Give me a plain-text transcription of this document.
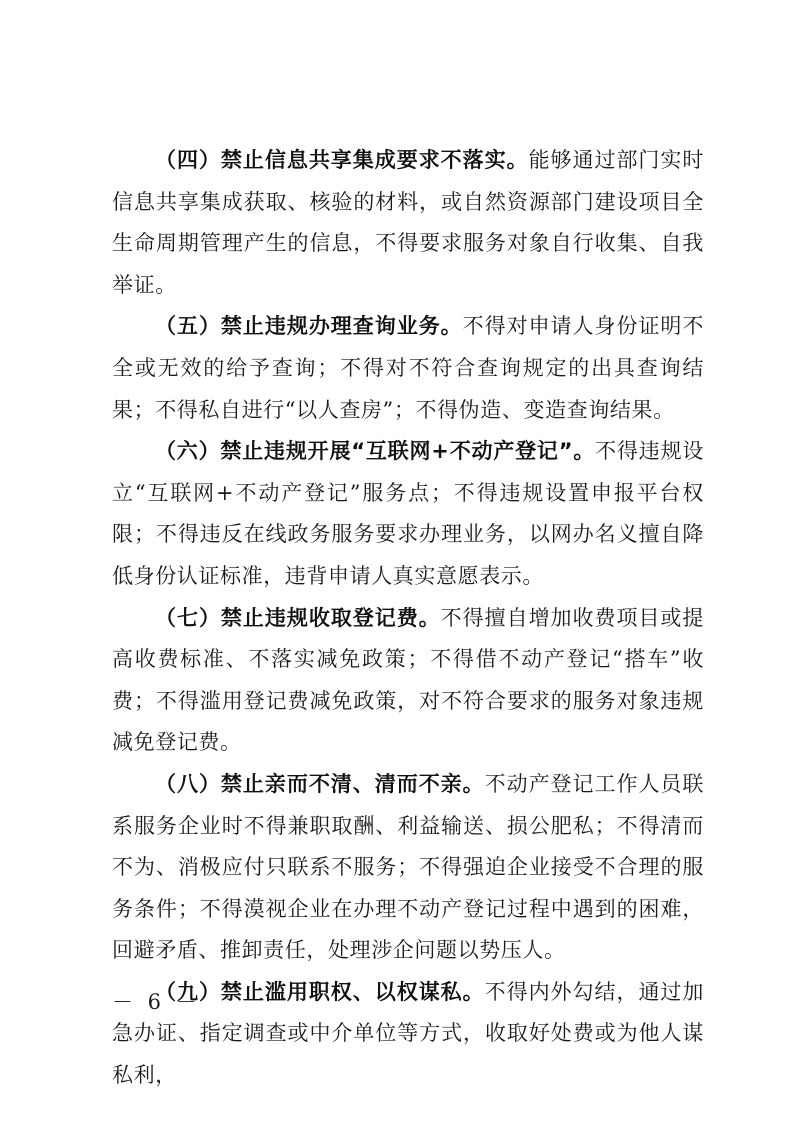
（四）禁止信息共享集成要求不落实。能够通过部门实时信息共享集成获取、核验的材料，或自然资源部门建设项目全生命周期管理产生的信息，不得要求服务对象自行收集、自我举证。

（五）禁止违规办理查询业务。不得对申请人身份证明不全或无效的给予查询；不得对不符合查询规定的出具查询结果；不得私自进行“以人查房”；不得伪造、变造查询结果。

（六）禁止违规开展“互联网+不动产登记”。不得违规设立“互联网+不动产登记”服务点；不得违规设置申报平台权限；不得违反在线政务服务要求办理业务，以网办名义擅自降低身份认证标准，违背申请人真实意愿表示。

（七）禁止违规收取登记费。不得擅自增加收费项目或提高收费标准、不落实减免政策；不得借不动产登记“搭车”收费；不得滥用登记费减免政策，对不符合要求的服务对象违规减免登记费。

（八）禁止亲而不清、清而不亲。不动产登记工作人员联系服务企业时不得兼职取酬、利益输送、损公肥私；不得清而不为、消极应付只联系不服务；不得强迫企业接受不合理的服务条件；不得漠视企业在办理不动产登记过程中遇到的困难，回避矛盾、推卸责任，处理涉企问题以势压人。

（九）禁止滥用职权、以权谋私。不得内外勾结，通过加急办证、指定调查或中介单位等方式，收取好处费或为他人谋私利，

－ 6 －
